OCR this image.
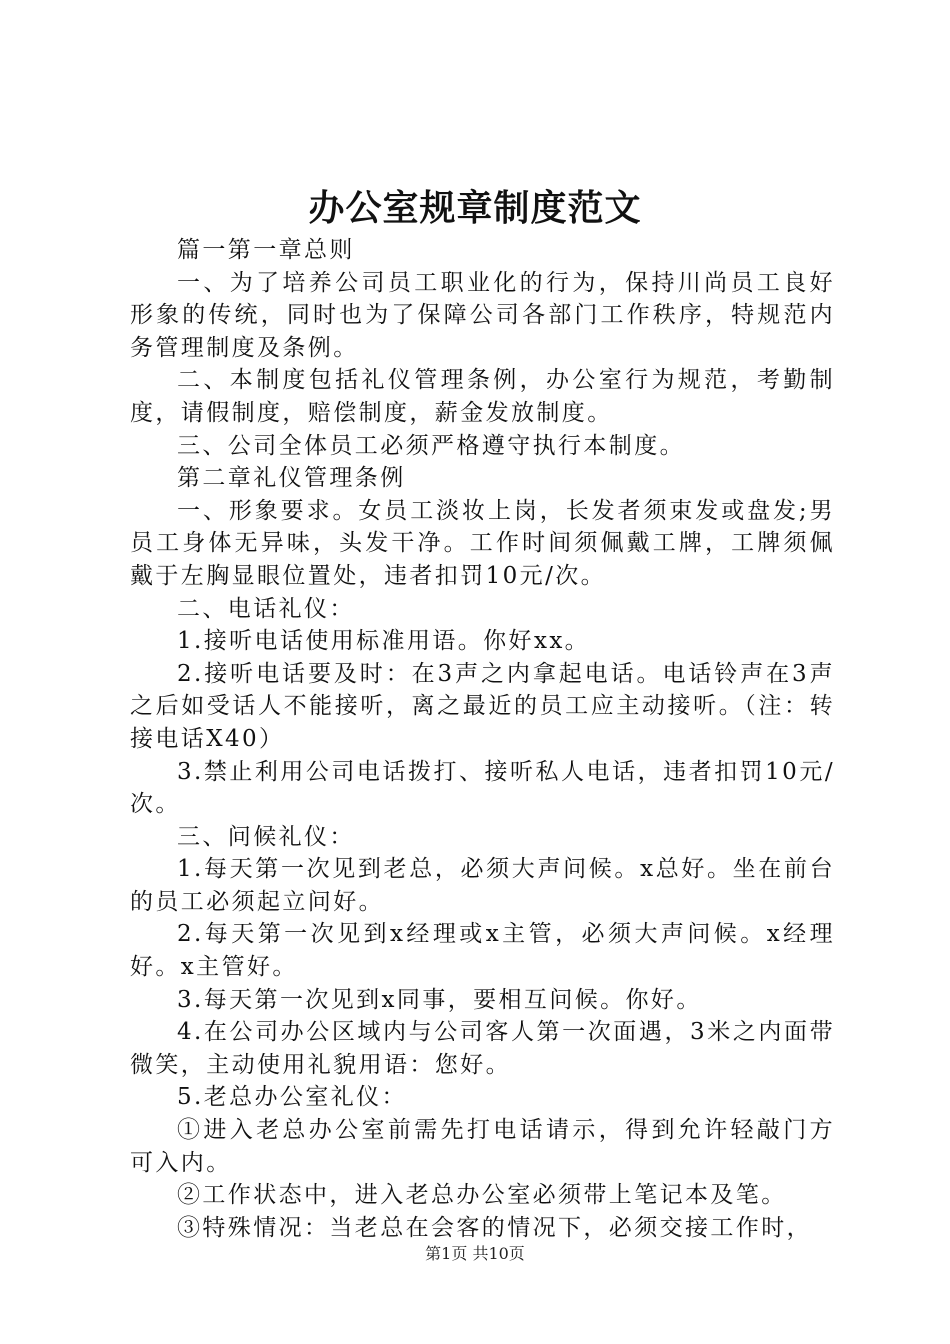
办公室规章制度范文

篇一第一章总则

一、为了培养公司员工职业化的行为，保持川尚员工良好形象的传统，同时也为了保障公司各部门工作秩序，特规范内务管理制度及条例。

二、本制度包括礼仪管理条例，办公室行为规范，考勤制度，请假制度，赔偿制度，薪金发放制度。

三、公司全体员工必须严格遵守执行本制度。

第二章礼仪管理条例

一、形象要求。女员工淡妆上岗，长发者须束发或盘发;男员工身体无异味，头发干净。工作时间须佩戴工牌，工牌须佩戴于左胸显眼位置处，违者扣罚10元/次。

二、电话礼仪：

1.接听电话使用标准用语。你好xx。

2.接听电话要及时：在3声之内拿起电话。电话铃声在3声之后如受话人不能接听，离之最近的员工应主动接听。（注：转接电话X40）

3.禁止利用公司电话拨打、接听私人电话，违者扣罚10元/次。

三、问候礼仪：

1.每天第一次见到老总，必须大声问候。x总好。坐在前台的员工必须起立问好。

2.每天第一次见到x经理或x主管，必须大声问候。x经理好。x主管好。

3.每天第一次见到x同事，要相互问候。你好。

4.在公司办公区域内与公司客人第一次面遇，3米之内面带微笑，主动使用礼貌用语：您好。

5.老总办公室礼仪：

①进入老总办公室前需先打电话请示，得到允许轻敲门方可入内。

②工作状态中，进入老总办公室必须带上笔记本及笔。

③特殊情况：当老总在会客的情况下，必须交接工作时，

第1页 共10页
